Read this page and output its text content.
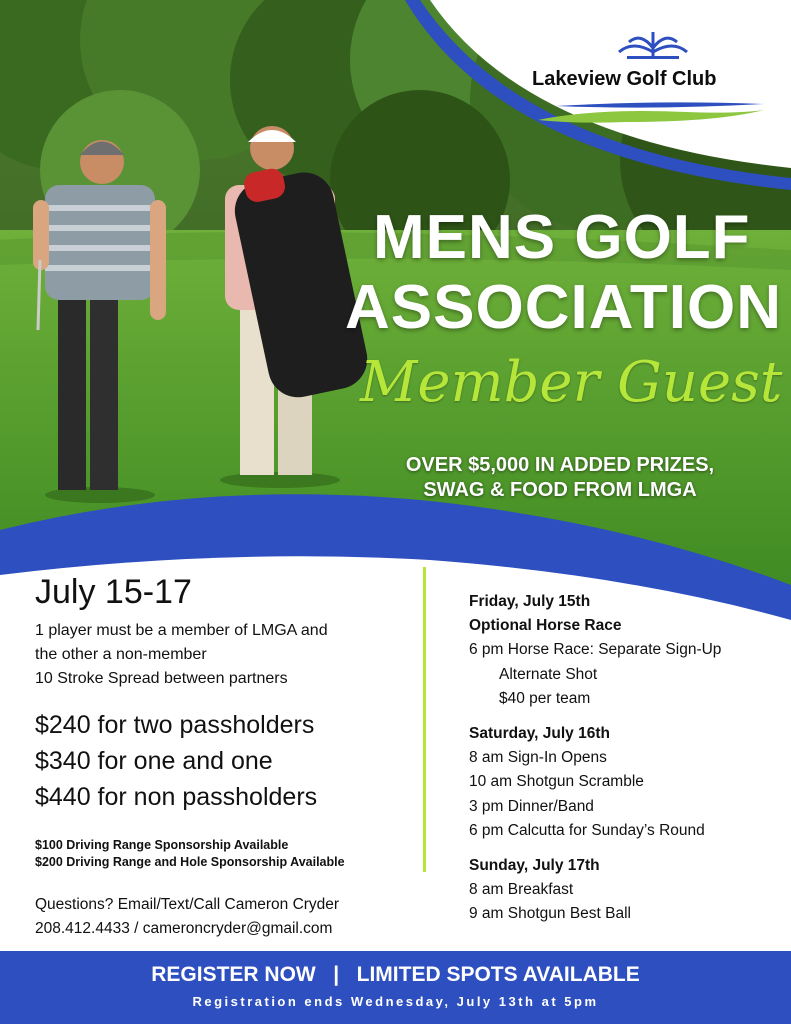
Lakeview Golf Club
MENS GOLF
ASSOCIATION
Member Guest
OVER $5,000 IN ADDED PRIZES,
SWAG & FOOD FROM LMGA
July 15-17
1 player must be a member of LMGA and
the other a non-member
10 Stroke Spread between partners
$240 for two passholders
$340 for one and one
$440 for non passholders
$100 Driving Range Sponsorship Available
$200 Driving Range and Hole Sponsorship Available
Questions? Email/Text/Call Cameron Cryder
208.412.4433 / cameroncryder@gmail.com
Friday, July 15th
Optional Horse Race
6 pm Horse Race: Separate Sign-Up
Alternate Shot
$40 per team
Saturday, July 16th
8 am Sign-In Opens
10 am Shotgun Scramble
3 pm Dinner/Band
6 pm Calcutta for Sunday’s Round
Sunday, July 17th
8 am Breakfast
9 am Shotgun Best Ball
REGISTER NOW   |   LIMITED SPOTS AVAILABLE
Registration ends Wednesday, July 13th at 5pm
